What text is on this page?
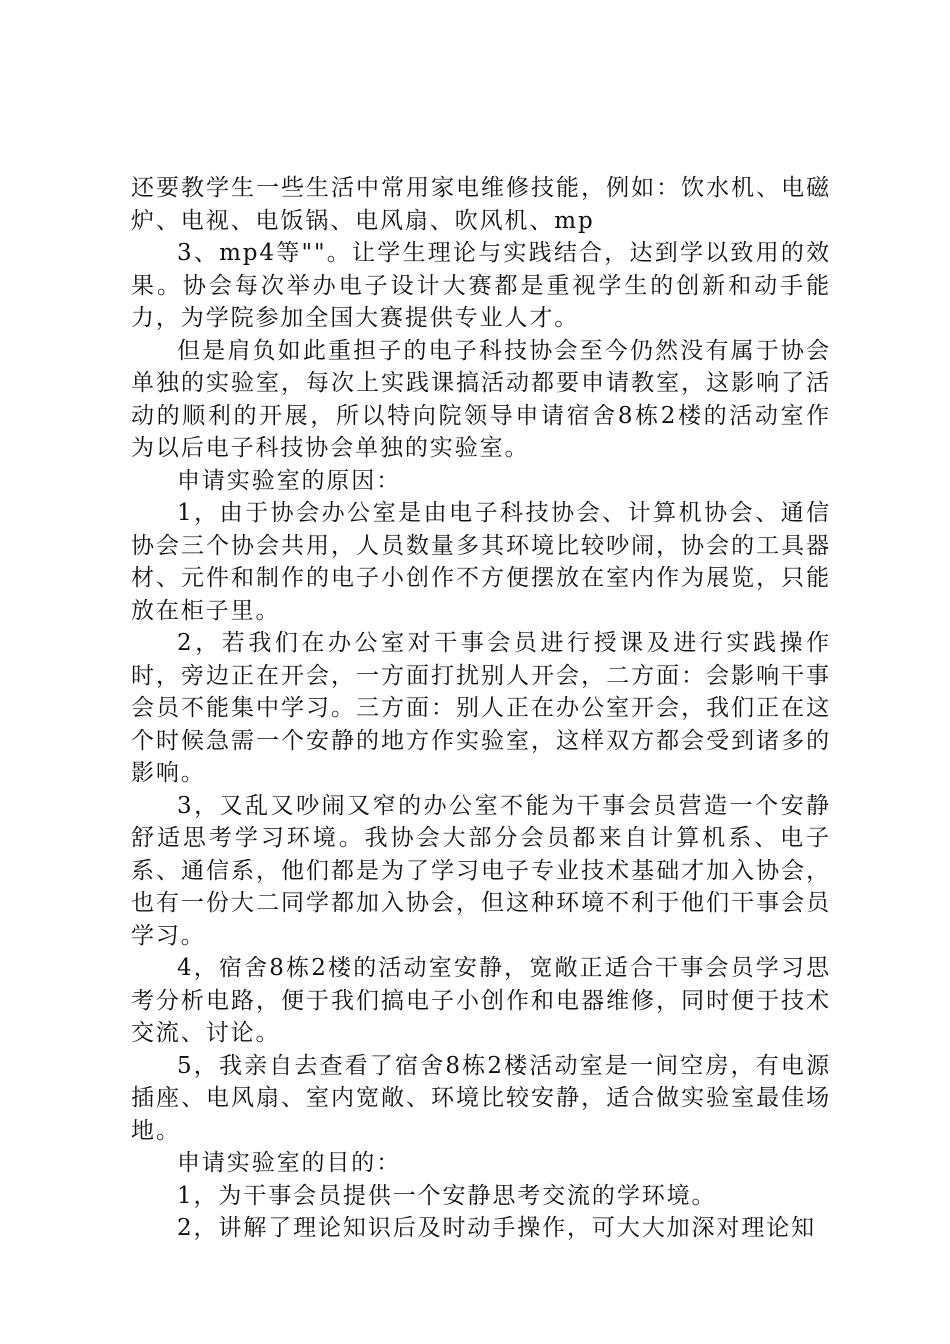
还要教学生一些生活中常用家电维修技能，例如：饮水机、电磁炉、电视、电饭锅、电风扇、吹风机、mp

3、mp4等""。让学生理论与实践结合，达到学以致用的效果。协会每次举办电子设计大赛都是重视学生的创新和动手能力，为学院参加全国大赛提供专业人才。

但是肩负如此重担子的电子科技协会至今仍然没有属于协会单独的实验室，每次上实践课搞活动都要申请教室，这影响了活动的顺利的开展，所以特向院领导申请宿舍8栋2楼的活动室作为以后电子科技协会单独的实验室。

申请实验室的原因：

1，由于协会办公室是由电子科技协会、计算机协会、通信协会三个协会共用，人员数量多其环境比较吵闹，协会的工具器材、元件和制作的电子小创作不方便摆放在室内作为展览，只能放在柜子里。

2，若我们在办公室对干事会员进行授课及进行实践操作时，旁边正在开会，一方面打扰别人开会，二方面：会影响干事会员不能集中学习。三方面：别人正在办公室开会，我们正在这个时候急需一个安静的地方作实验室，这样双方都会受到诸多的影响。

3，又乱又吵闹又窄的办公室不能为干事会员营造一个安静舒适思考学习环境。我协会大部分会员都来自计算机系、电子系、通信系，他们都是为了学习电子专业技术基础才加入协会，也有一份大二同学都加入协会，但这种环境不利于他们干事会员学习。

4，宿舍8栋2楼的活动室安静，宽敞正适合干事会员学习思考分析电路，便于我们搞电子小创作和电器维修，同时便于技术交流、讨论。

5，我亲自去查看了宿舍8栋2楼活动室是一间空房，有电源插座、电风扇、室内宽敞、环境比较安静，适合做实验室最佳场地。

申请实验室的目的：

1，为干事会员提供一个安静思考交流的学环境。

2，讲解了理论知识后及时动手操作，可大大加深对理论知
